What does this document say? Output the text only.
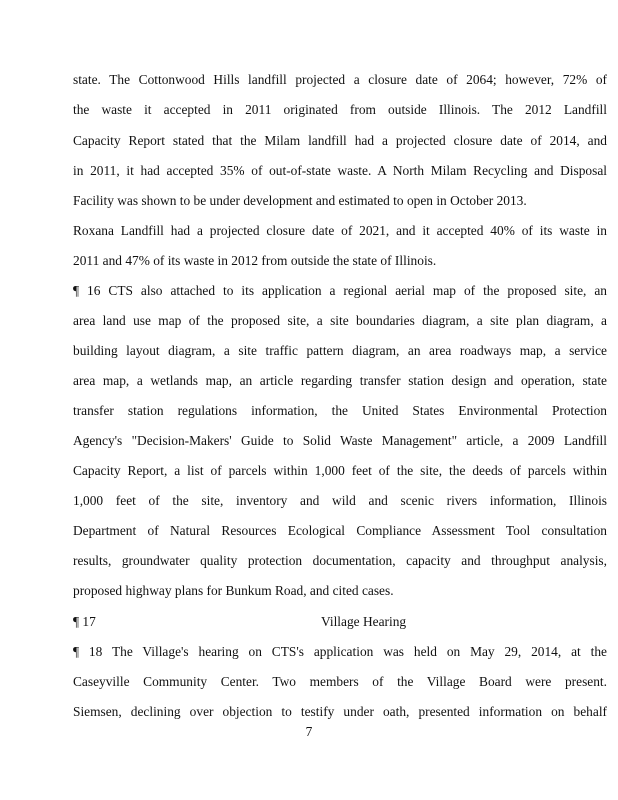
state. The Cottonwood Hills landfill projected a closure date of 2064; however, 72% of
the waste it accepted in 2011 originated from outside Illinois. The 2012 Landfill
Capacity Report stated that the Milam landfill had a projected closure date of 2014, and
in 2011, it had accepted 35% of out-of-state waste. A North Milam Recycling and Disposal
Facility was shown to be under development and estimated to open in October 2013.
Roxana Landfill had a projected closure date of 2021, and it accepted 40% of its waste in
2011 and 47% of its waste in 2012 from outside the state of Illinois.
¶ 16 CTS also attached to its application a regional aerial map of the proposed site, an
area land use map of the proposed site, a site boundaries diagram, a site plan diagram, a
building layout diagram, a site traffic pattern diagram, an area roadways map, a service
area map, a wetlands map, an article regarding transfer station design and operation, state
transfer station regulations information, the United States Environmental Protection
Agency's "Decision-Makers' Guide to Solid Waste Management" article, a 2009 Landfill
Capacity Report, a list of parcels within 1,000 feet of the site, the deeds of parcels within
1,000 feet of the site, inventory and wild and scenic rivers information, Illinois
Department of Natural Resources Ecological Compliance Assessment Tool consultation
results, groundwater quality protection documentation, capacity and throughput analysis,
proposed highway plans for Bunkum Road, and cited cases.
¶ 17	Village Hearing
¶ 18 The Village's hearing on CTS's application was held on May 29, 2014, at the
Caseyville Community Center. Two members of the Village Board were present.
Siemsen, declining over objection to testify under oath, presented information on behalf
7
